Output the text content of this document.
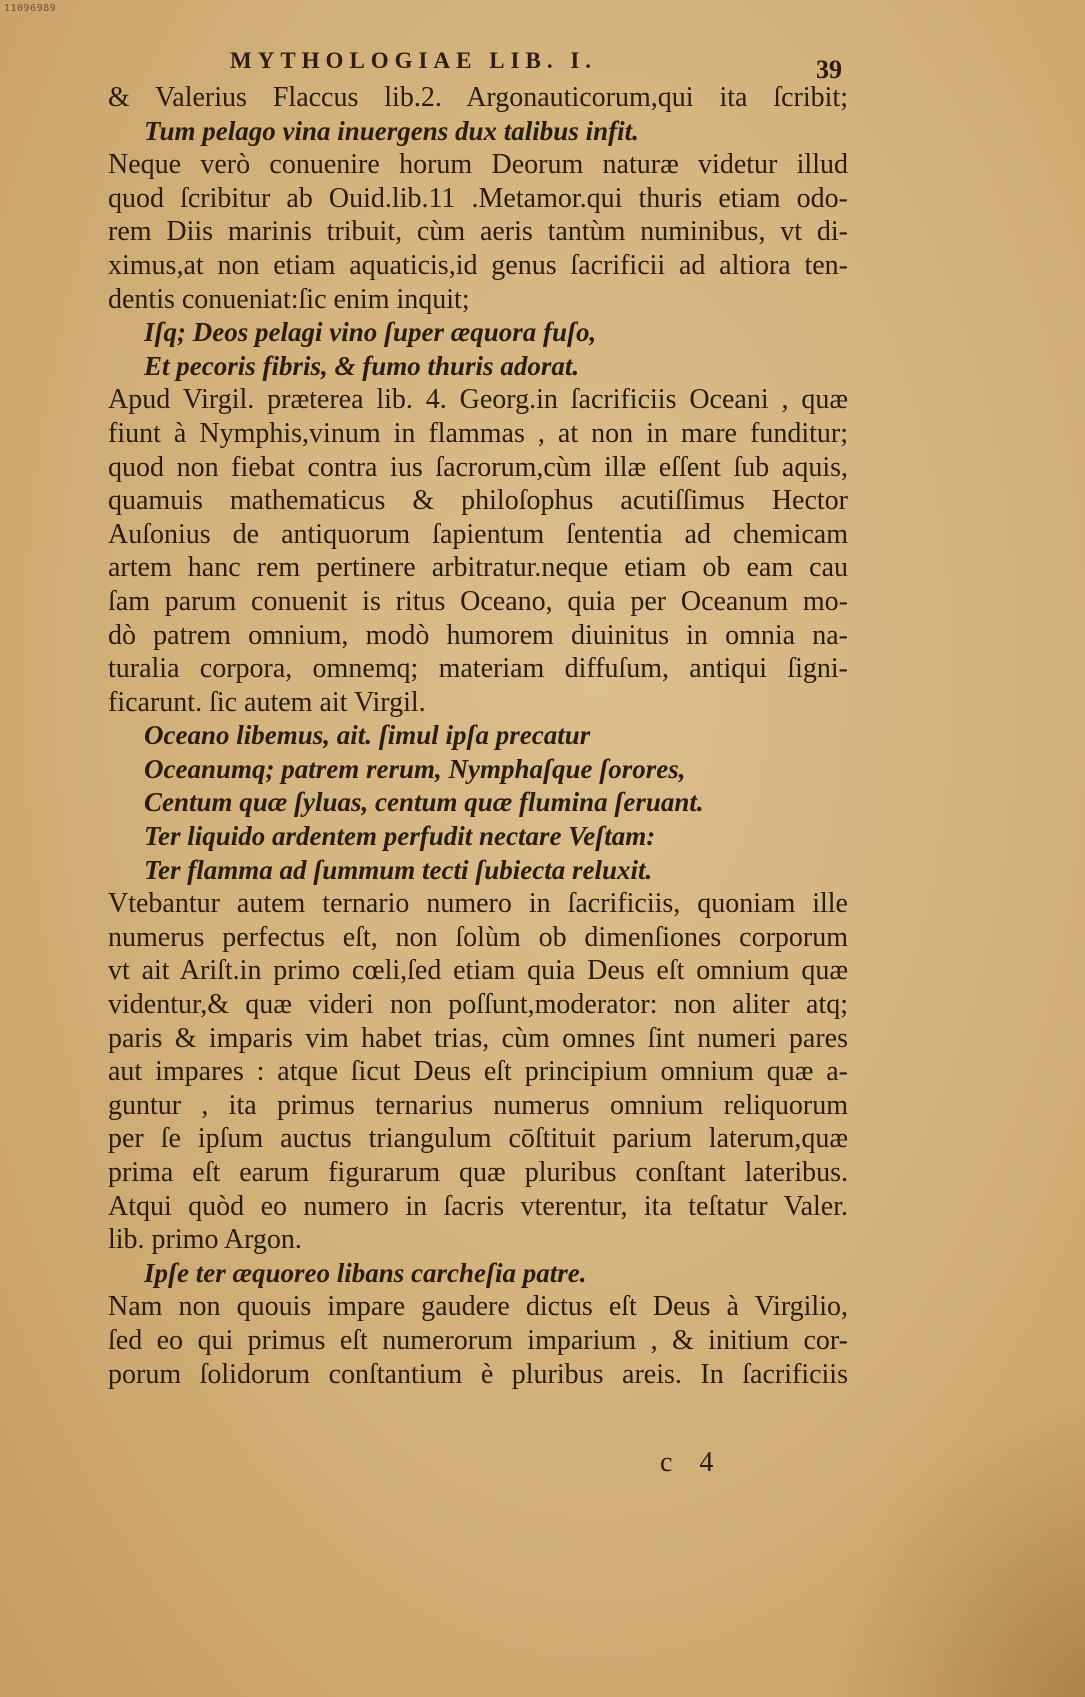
11096989
MYTHOLOGIAE LIB. I.	39
& Valerius Flaccus lib.2. Argonauticorum,qui ita ſcribit;
Tum pelago vina inuergens dux talibus infit.
Neque verò conuenire horum Deorum naturæ videtur illud
quod ſcribitur ab Ouid.lib.11 .Metamor.qui thuris etiam odo-
rem Diis marinis tribuit, cùm aeris tantùm numinibus, vt di-
ximus,at non etiam aquaticis,id genus ſacrificii ad altiora ten-
dentis conueniat:ſic enim inquit;
Iſq; Deos pelagi vino ſuper æquora fuſo,
Et pecoris fibris, & fumo thuris adorat.
Apud Virgil. præterea lib. 4. Georg.in ſacrificiis Oceani , quæ
fiunt à Nymphis,vinum in flammas , at non in mare funditur;
quod non fiebat contra ius ſacrorum,cùm illæ eſſent ſub aquis,
quamuis mathematicus & philoſophus acutiſſimus Hector
Auſonius de antiquorum ſapientum ſententia ad chemicam
artem hanc rem pertinere arbitratur.neque etiam ob eam cau
ſam parum conuenit is ritus Oceano, quia per Oceanum mo-
dò patrem omnium, modò humorem diuinitus in omnia na-
turalia corpora, omnemq; materiam diffuſum, antiqui ſigni-
ficarunt. ſic autem ait Virgil.
Oceano libemus, ait. ſimul ipſa precatur
Oceanumq; patrem rerum, Nymphaſque ſorores,
Centum quæ ſyluas, centum quæ flumina ſeruant.
Ter liquido ardentem perfudit nectare Veſtam:
Ter flamma ad ſummum tecti ſubiecta reluxit.
Vtebantur autem ternario numero in ſacrificiis, quoniam ille
numerus perfectus eſt, non ſolùm ob dimenſiones corporum
vt ait Ariſt.in primo cœli,ſed etiam quia Deus eſt omnium quæ
videntur,& quæ videri non poſſunt,moderator: non aliter atq;
paris & imparis vim habet trias, cùm omnes ſint numeri pares
aut impares : atque ſicut Deus eſt principium omnium quæ a-
guntur , ita primus ternarius numerus omnium reliquorum
per ſe ipſum auctus triangulum cōſtituit parium laterum,quæ
prima eſt earum figurarum quæ pluribus conſtant lateribus.
Atqui quòd eo numero in ſacris vterentur, ita teſtatur Valer.
lib. primo Argon.
Ipſe ter æquoreo libans carcheſia patre.
Nam non quouis impare gaudere dictus eſt Deus à Virgilio,
ſed eo qui primus eſt numerorum imparium , & initium cor-
porum ſolidorum conſtantium è pluribus areis. In ſacrificiis
c 4
